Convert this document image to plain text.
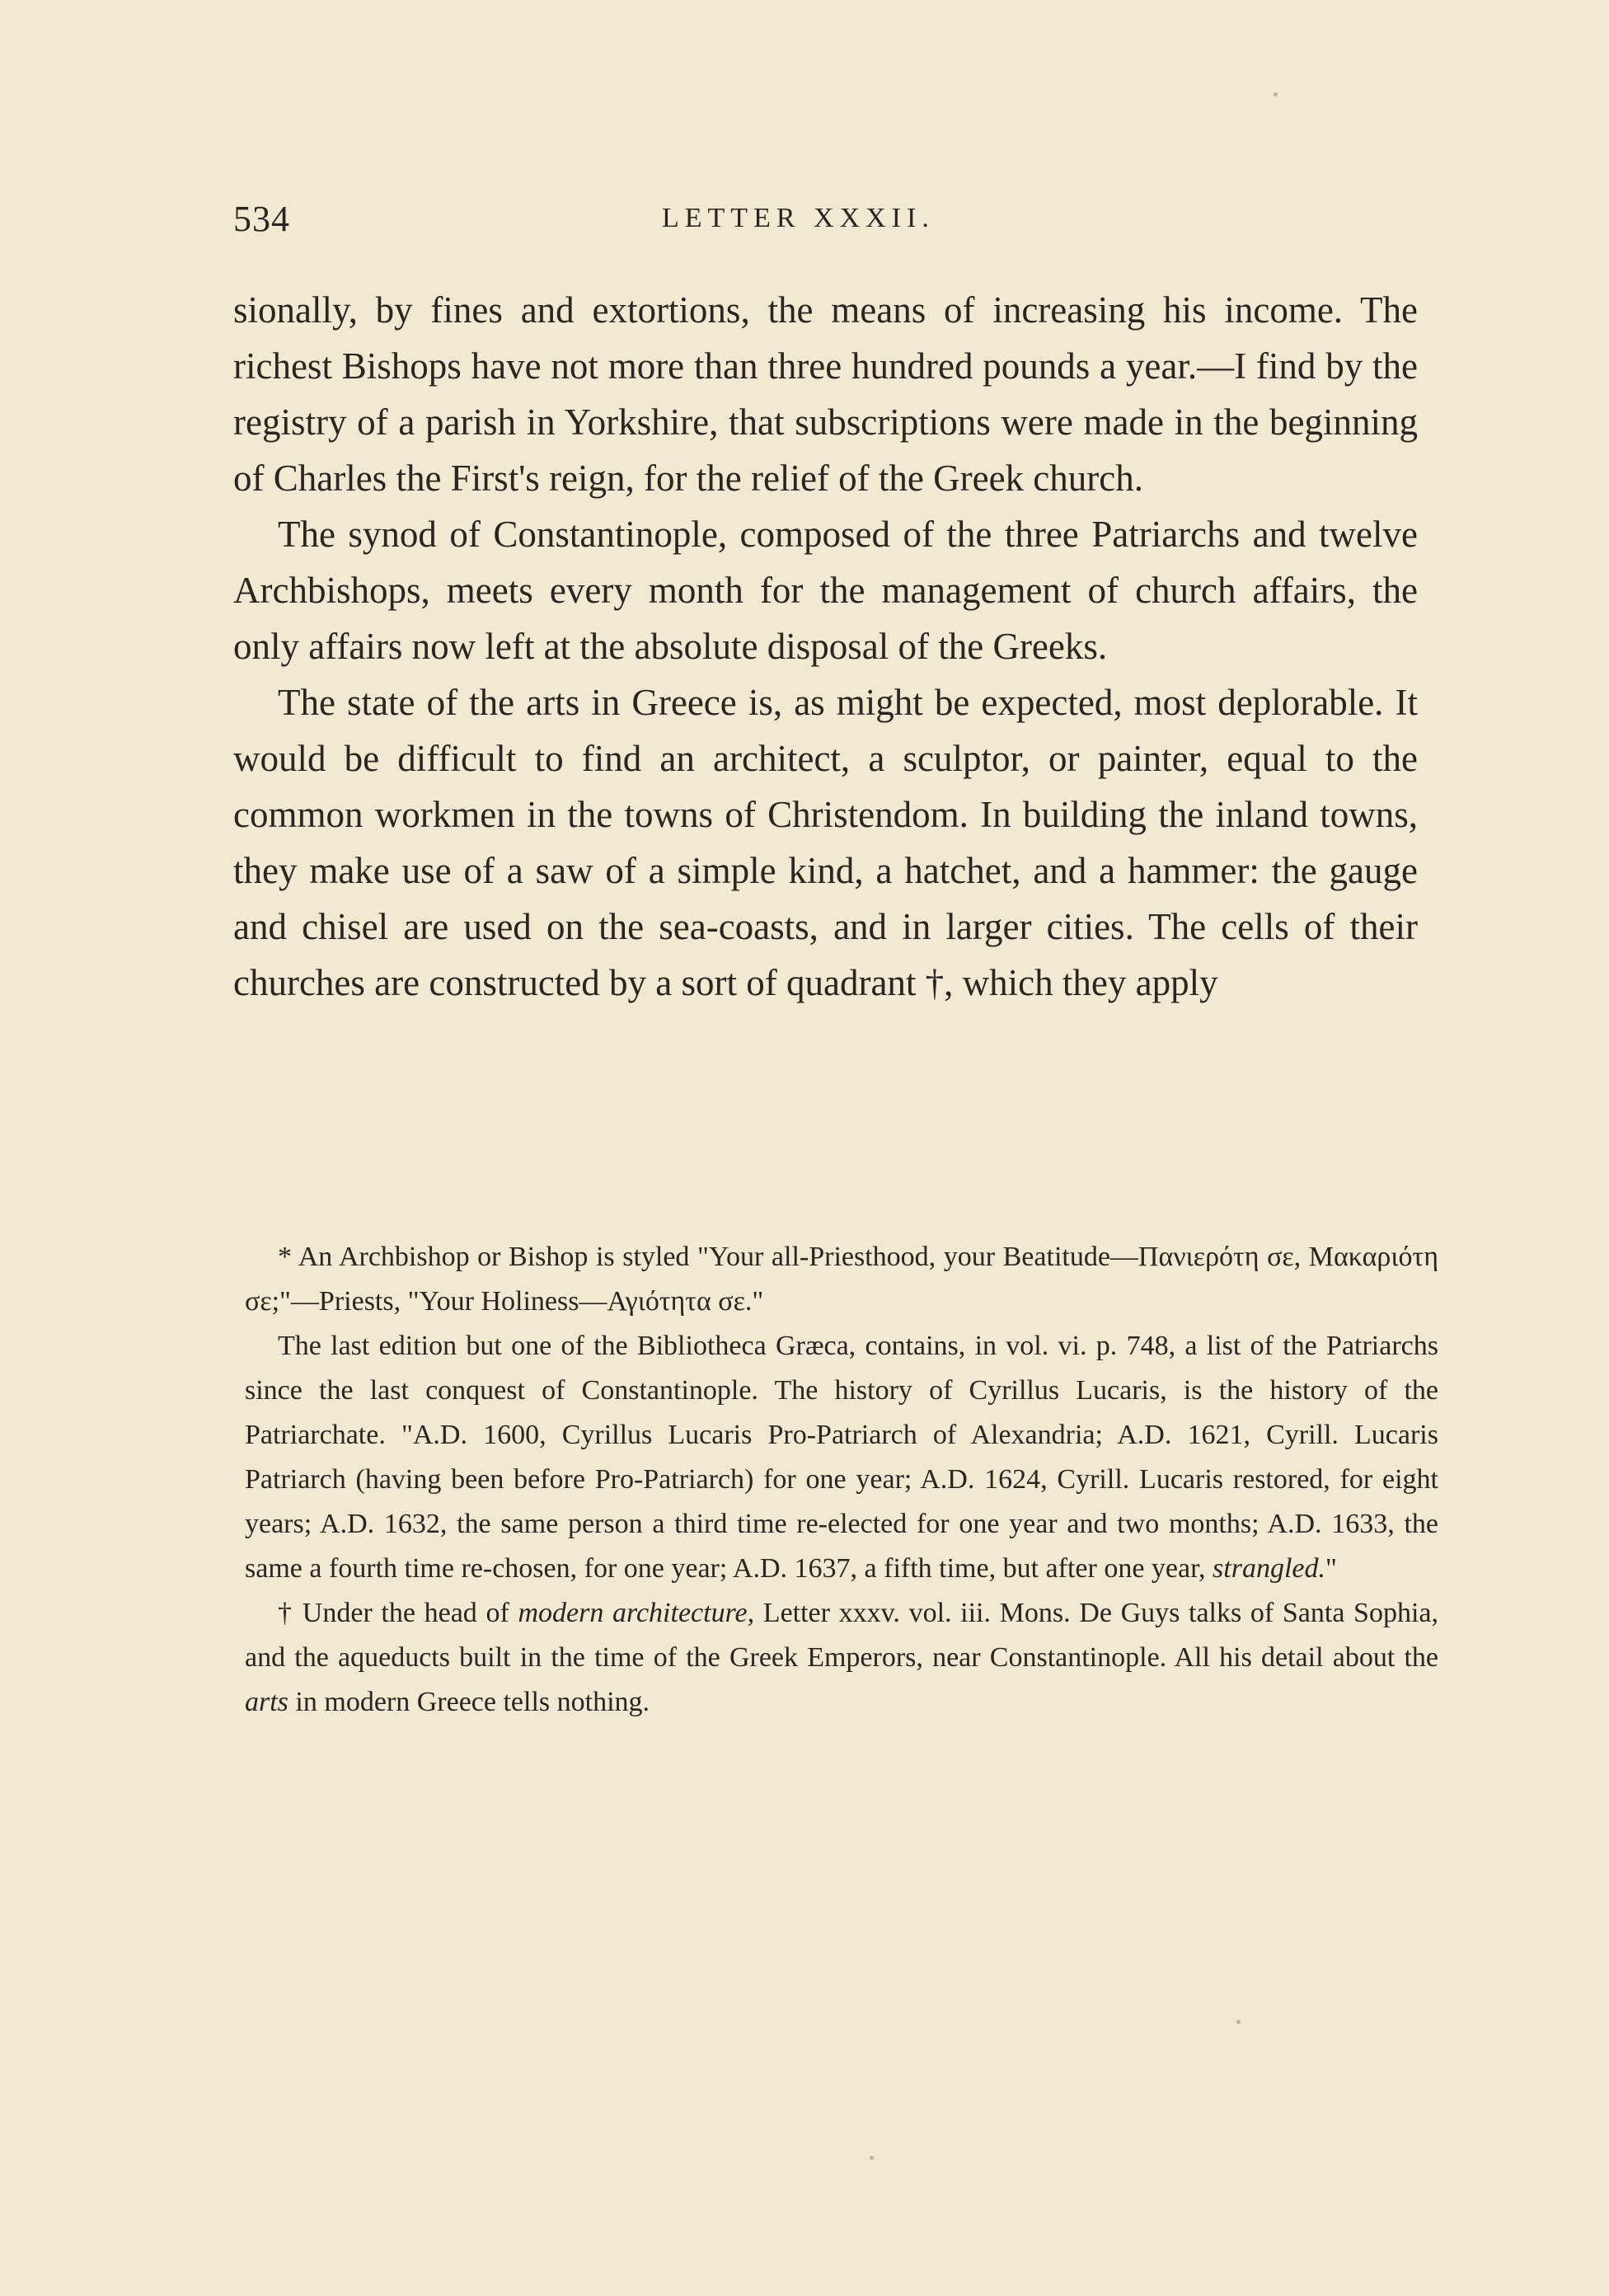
534	LETTER XXXII.

sionally, by fines and extortions, the means of increasing his income. The richest Bishops have not more than three hundred pounds a year.—I find by the registry of a parish in Yorkshire, that subscriptions were made in the beginning of Charles the First's reign, for the relief of the Greek church.

The synod of Constantinople, composed of the three Patriarchs and twelve Archbishops, meets every month for the management of church affairs, the only affairs now left at the absolute disposal of the Greeks.

The state of the arts in Greece is, as might be expected, most deplorable. It would be difficult to find an architect, a sculptor, or painter, equal to the common workmen in the towns of Christendom. In building the inland towns, they make use of a saw of a simple kind, a hatchet, and a hammer: the gauge and chisel are used on the sea-coasts, and in larger cities. The cells of their churches are constructed by a sort of quadrant †, which they apply

* An Archbishop or Bishop is styled "Your all-Priesthood, your Beatitude—Πανιερότη σε, Μακαριότη σε;"—Priests, "Your Holiness—Αγιότητα σε."

The last edition but one of the Bibliotheca Græca, contains, in vol. vi. p. 748, a list of the Patriarchs since the last conquest of Constantinople. The history of Cyrillus Lucaris, is the history of the Patriarchate. "A.D. 1600, Cyrillus Lucaris Pro-Patriarch of Alexandria; A.D. 1621, Cyrill. Lucaris Patriarch (having been before Pro-Patriarch) for one year; A.D. 1624, Cyrill. Lucaris restored, for eight years; A.D. 1632, the same person a third time re-elected for one year and two months; A.D. 1633, the same a fourth time re-chosen, for one year; A.D. 1637, a fifth time, but after one year, strangled."

† Under the head of modern architecture, Letter xxxv. vol. iii. Mons. De Guys talks of Santa Sophia, and the aqueducts built in the time of the Greek Emperors, near Constantinople. All his detail about the arts in modern Greece tells nothing.
